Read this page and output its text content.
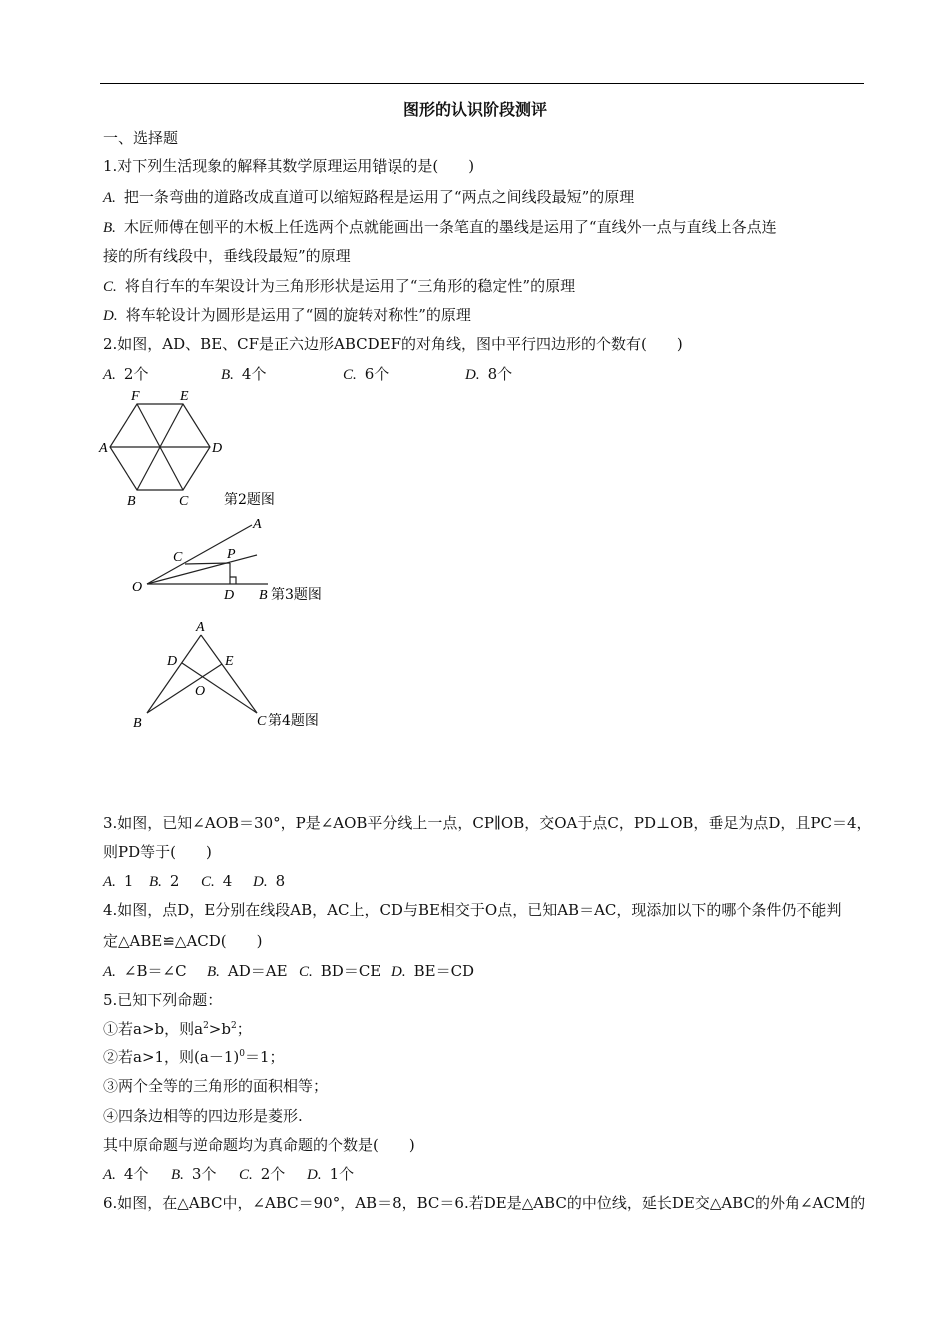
图形的认识阶段测评
一、选择题
1.对下列生活现象的解释其数学原理运用错误的是(　　)
A. 把一条弯曲的道路改成直道可以缩短路程是运用了“两点之间线段最短”的原理
B. 木匠师傅在刨平的木板上任选两个点就能画出一条笔直的墨线是运用了“直线外一点与直线上各点连
接的所有线段中，垂线段最短”的原理
C. 将自行车的车架设计为三角形形状是运用了“三角形的稳定性”的原理
D. 将车轮设计为圆形是运用了“圆的旋转对称性”的原理
2.如图，AD、BE、CF是正六边形ABCDEF的对角线，图中平行四边形的个数有(　　)
A. 2个	B. 4个	C. 6个	D. 8个
F	E
A	D
B	C	第2题图
A
C	P
O
D B 第3题图
A
D	E
O
B	C 第4题图
3.如图，已知∠AOB＝30°，P是∠AOB平分线上一点，CP∥OB，交OA于点C，PD⊥OB，垂足为点D，且PC＝4，
则PD等于(　　)
A. 1 B. 2 C. 4 D. 8
4.如图，点D，E分别在线段AB，AC上，CD与BE相交于O点，已知AB＝AC，现添加以下的哪个条件仍不能判
定△ABE≌△ACD(　　)
A. ∠B＝∠C B. AD＝AE C. BD＝CE D. BE＝CD
5.已知下列命题：
①若a>b，则$a^2>b^2$；
②若a>1，则$(a-1)^0=1$；
③两个全等的三角形的面积相等；
④四条边相等的四边形是菱形.
其中原命题与逆命题均为真命题的个数是(　　)
A. 4个 B. 3个 C. 2个 D. 1个
6.如图，在△ABC中，∠ABC＝90°，AB＝8，BC＝6.若DE是△ABC的中位线，延长DE交△ABC的外角∠ACM的
